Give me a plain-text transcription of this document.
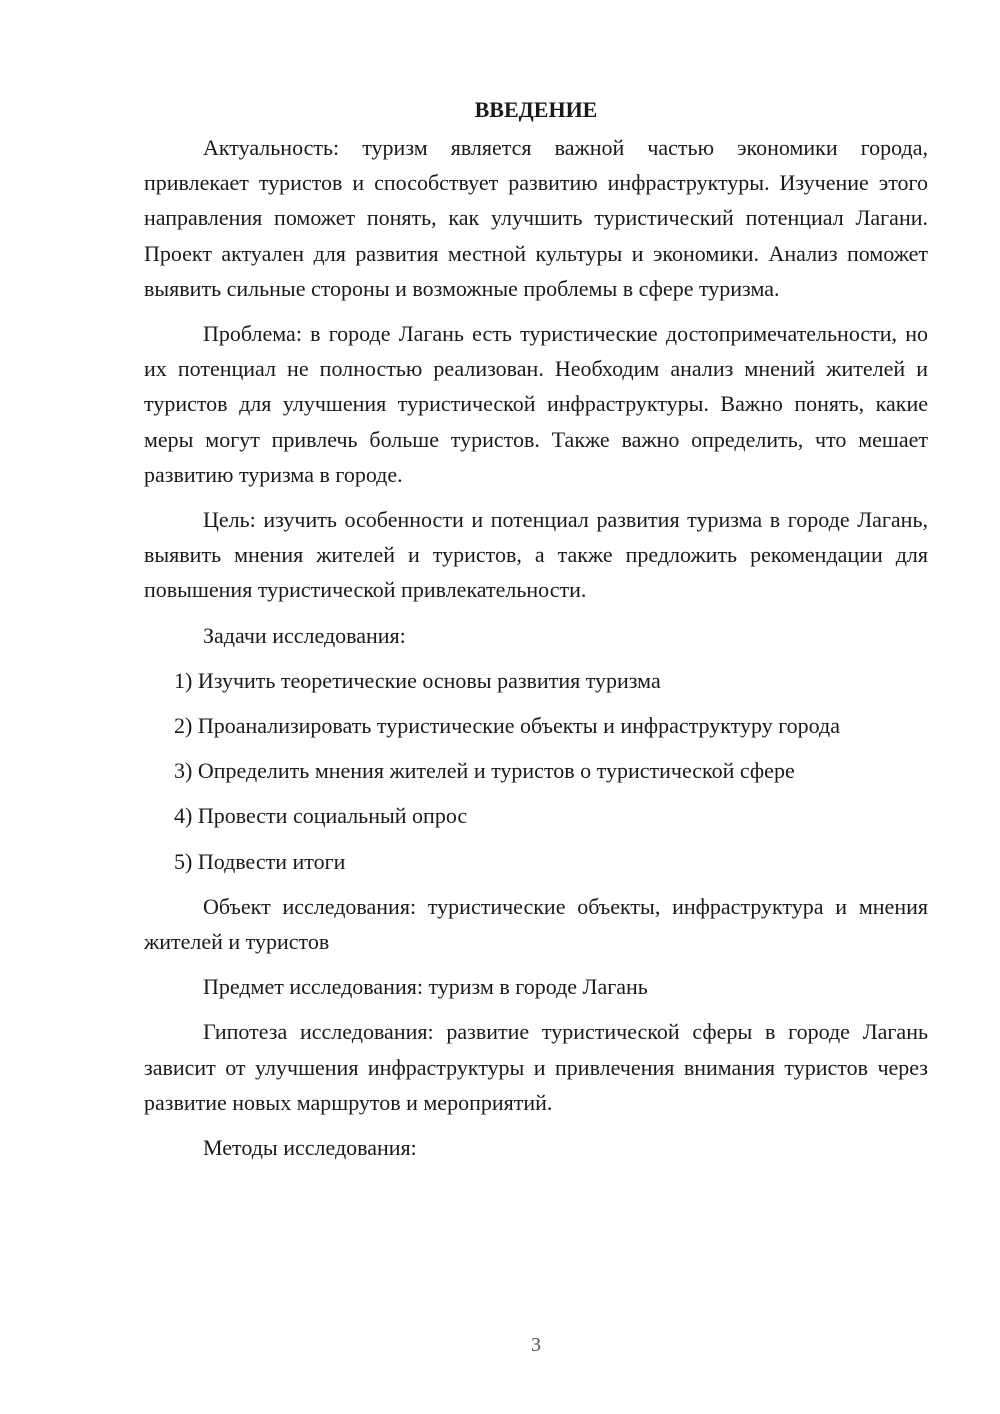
ВВЕДЕНИЕ

Актуальность: туризм является важной частью экономики города, привлекает туристов и способствует развитию инфраструктуры. Изучение этого направления поможет понять, как улучшить туристический потенциал Лагани. Проект актуален для развития местной культуры и экономики. Анализ поможет выявить сильные стороны и возможные проблемы в сфере туризма.

Проблема: в городе Лагань есть туристические достопримечательности, но их потенциал не полностью реализован. Необходим анализ мнений жителей и туристов для улучшения туристической инфраструктуры. Важно понять, какие меры могут привлечь больше туристов. Также важно определить, что мешает развитию туризма в городе.

Цель: изучить особенности и потенциал развития туризма в городе Лагань, выявить мнения жителей и туристов, а также предложить рекомендации для повышения туристической привлекательности.

Задачи исследования:

1) Изучить теоретические основы развития туризма

2) Проанализировать туристические объекты и инфраструктуру города

3) Определить мнения жителей и туристов о туристической сфере

4) Провести социальный опрос

5) Подвести итоги

Объект исследования: туристические объекты, инфраструктура и мнения жителей и туристов

Предмет исследования: туризм в городе Лагань

Гипотеза исследования: развитие туристической сферы в городе Лагань зависит от улучшения инфраструктуры и привлечения внимания туристов через развитие новых маршрутов и мероприятий.

Методы исследования:

3
